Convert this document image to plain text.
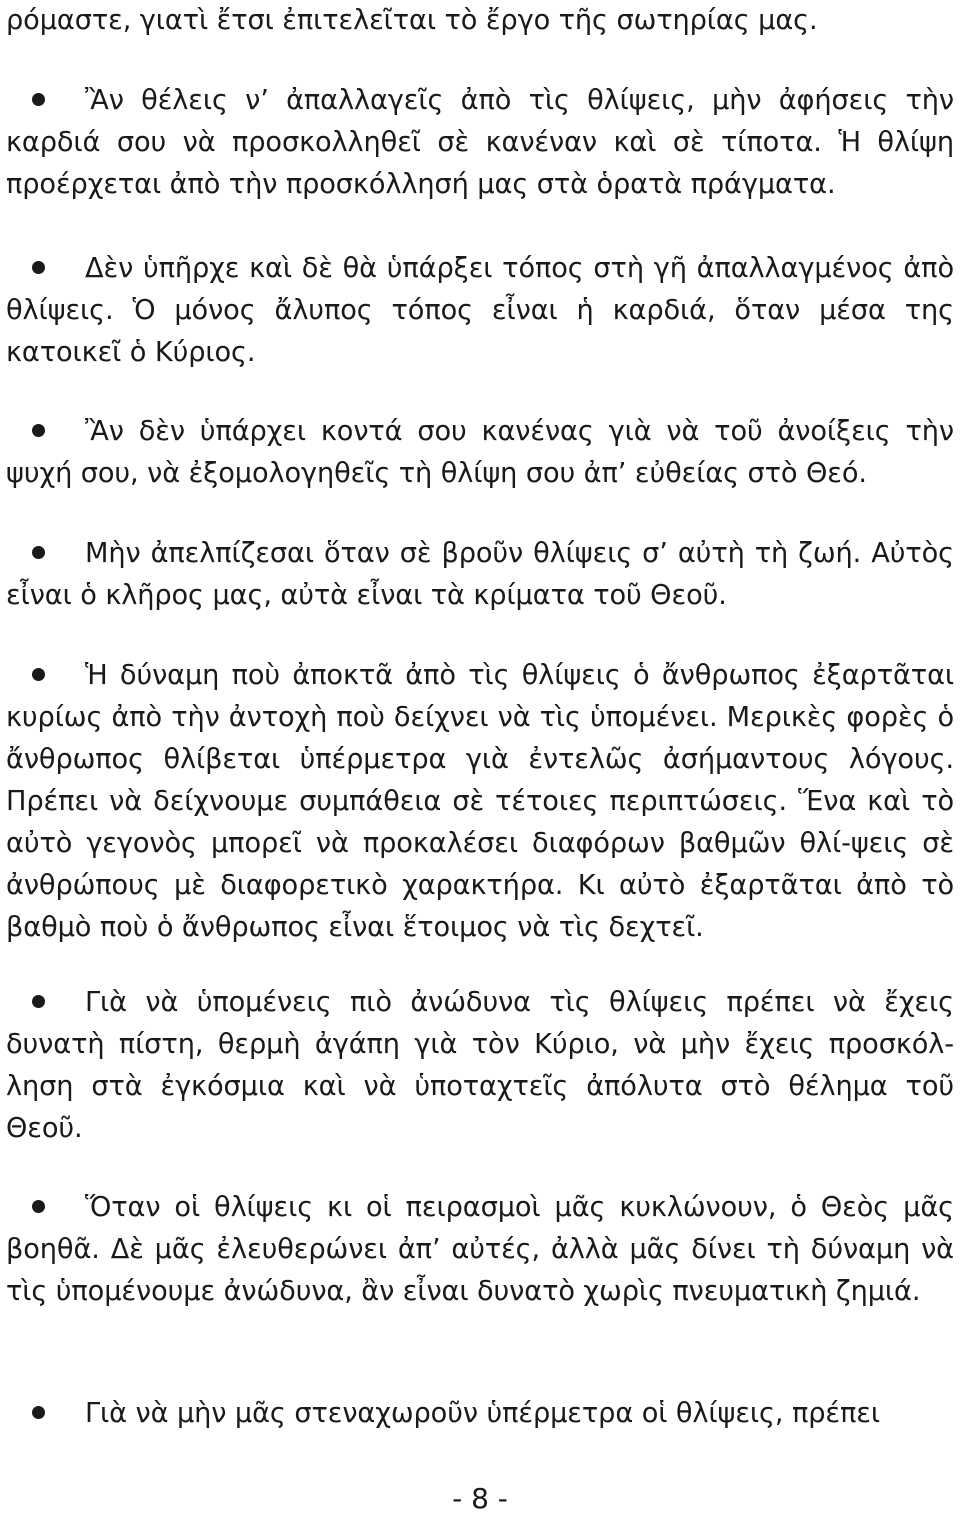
ρόμαστε, γιατὶ ἔτσι ἐπιτελεῖται τὸ ἔργο τῆς σωτηρίας μας.

Ἂν θέλεις ν’ ἀπαλλαγεῖς ἀπὸ τὶς θλίψεις, μὴν ἀφήσεις τὴν καρδιά σου νὰ προσκολληθεῖ σὲ κανέναν καὶ σὲ τίποτα. Ἡ θλίψη προέρχεται ἀπὸ τὴν προσκόλλησή μας στὰ ὁρατὰ πράγματα.

Δὲν ὑπῆρχε καὶ δὲ θὰ ὑπάρξει τόπος στὴ γῆ ἀπαλλαγμένος ἀπὸ θλίψεις. Ὁ μόνος ἄλυπος τόπος εἶναι ἡ καρδιά, ὅταν μέσα της κατοικεῖ ὁ Κύριος.

Ἂν δὲν ὑπάρχει κοντά σου κανένας γιὰ νὰ τοῦ ἀνοίξεις τὴν ψυχή σου, νὰ ἐξομολογηθεῖς τὴ θλίψη σου ἀπ’ εὐθείας στὸ Θεό.

Μὴν ἀπελπίζεσαι ὅταν σὲ βροῦν θλίψεις σ’ αὐτὴ τὴ ζωή. Αὐτὸς εἶναι ὁ κλῆρος μας, αὐτὰ εἶναι τὰ κρίματα τοῦ Θεοῦ.

Ἡ δύναμη ποὺ ἀποκτᾶ ἀπὸ τὶς θλίψεις ὁ ἄνθρωπος ἐξαρτᾶται κυρίως ἀπὸ τὴν ἀντοχὴ ποὺ δείχνει νὰ τὶς ὑπομένει. Μερικὲς φορὲς ὁ ἄνθρωπος θλίβεται ὑπέρμετρα γιὰ ἐντελῶς ἀσήμαντους λόγους. Πρέπει νὰ δείχνουμε συμπάθεια σὲ τέτοιες περιπτώσεις. Ἕνα καὶ τὸ αὐτὸ γεγονὸς μπορεῖ νὰ προκαλέσει διαφόρων βαθμῶν θλί-ψεις σὲ ἀνθρώπους μὲ διαφορετικὸ χαρακτήρα. Κι αὐτὸ ἐξαρτᾶται ἀπὸ τὸ βαθμὸ ποὺ ὁ ἄνθρωπος εἶναι ἕτοιμος νὰ τὶς δεχτεῖ.

Γιὰ νὰ ὑπομένεις πιὸ ἀνώδυνα τὶς θλίψεις πρέπει νὰ ἔχεις δυνατὴ πίστη, θερμὴ ἀγάπη γιὰ τὸν Κύριο, νὰ μὴν ἔχεις προσκόλ-ληση στὰ ἐγκόσμια καὶ νὰ ὑποταχτεῖς ἀπόλυτα στὸ θέλημα τοῦ Θεοῦ.

Ὅταν οἱ θλίψεις κι οἱ πειρασμοὶ μᾶς κυκλώνουν, ὁ Θεὸς μᾶς βοηθᾶ. Δὲ μᾶς ἐλευθερώνει ἀπ’ αὐτές, ἀλλὰ μᾶς δίνει τὴ δύναμη νὰ τὶς ὑπομένουμε ἀνώδυνα, ἂν εἶναι δυνατὸ χωρὶς πνευματικὴ ζημιά.

Γιὰ νὰ μὴν μᾶς στεναχωροῦν ὑπέρμετρα οἱ θλίψεις, πρέπει

- 8 -
